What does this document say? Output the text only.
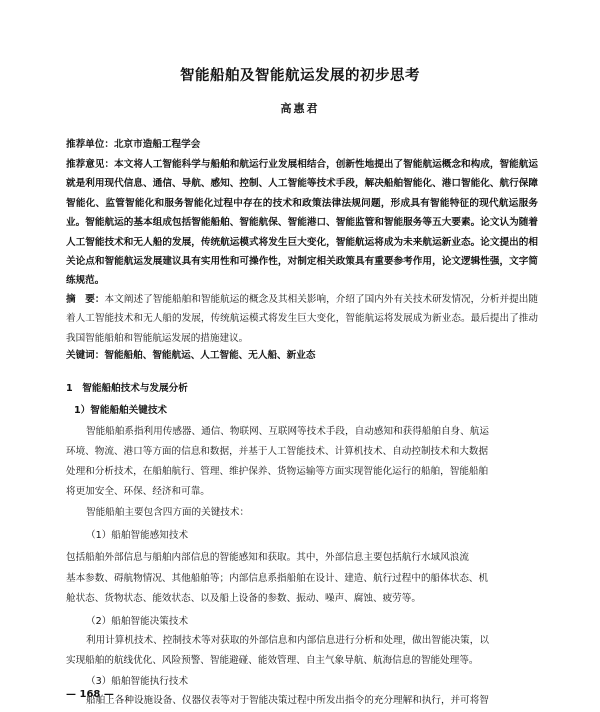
智能船舶及智能航运发展的初步思考
高惠君
推荐单位：北京市造船工程学会
推荐意见：本文将人工智能科学与船舶和航运行业发展相结合，创新性地提出了智能航运概念和构成，智能航运就是利用现代信息、通信、导航、感知、控制、人工智能等技术手段，解决船舶智能化、港口智能化、航行保障智能化、监管智能化和服务智能化过程中存在的技术和政策法律法规问题，形成具有智能特征的现代航运服务业。智能航运的基本组成包括智能船舶、智能航保、智能港口、智能监管和智能服务等五大要素。论文认为随着人工智能技术和无人船的发展，传统航运模式将发生巨大变化，智能航运将成为未来航运新业态。论文提出的相关论点和智能航运发展建议具有实用性和可操作性，对制定相关政策具有重要参考作用，论文逻辑性强，文字简练规范。
摘　要：本文阐述了智能船舶和智能航运的概念及其相关影响，介绍了国内外有关技术研发情况，分析并提出随着人工智能技术和无人船的发展，传统航运模式将发生巨大变化，智能航运将发展成为新业态。最后提出了推动我国智能船舶和智能航运发展的措施建议。
关键词：智能船舶、智能航运、人工智能、无人船、新业态
1　智能船舶技术与发展分析
1）智能船舶关键技术
智能船舶系指利用传感器、通信、物联网、互联网等技术手段，自动感知和获得船舶自身、航运
环境、物流、港口等方面的信息和数据，并基于人工智能技术、计算机技术、自动控制技术和大数据
处理和分析技术，在船舶航行、管理、维护保养、货物运输等方面实现智能化运行的船舶，智能船舶
将更加安全、环保、经济和可靠。
智能船舶主要包含四方面的关键技术：
（1）船舶智能感知技术
包括船舶外部信息与船舶内部信息的智能感知和获取。其中，外部信息主要包括航行水域风浪流
基本参数、碍航物情况、其他船舶等；内部信息系指船舶在设计、建造、航行过程中的船体状态、机
舱状态、货物状态、能效状态、以及船上设备的参数、振动、噪声、腐蚀、疲劳等。
（2）船舶智能决策技术
利用计算机技术、控制技术等对获取的外部信息和内部信息进行分析和处理，做出智能决策，以
实现船舶的航线优化、风险预警、智能避碰、能效管理、自主气象导航、航海信息的智能处理等。
（3）船舶智能执行技术
船舶上各种设施设备、仪器仪表等对于智能决策过程中所发出指令的充分理解和执行，并可将智
— 168 —
